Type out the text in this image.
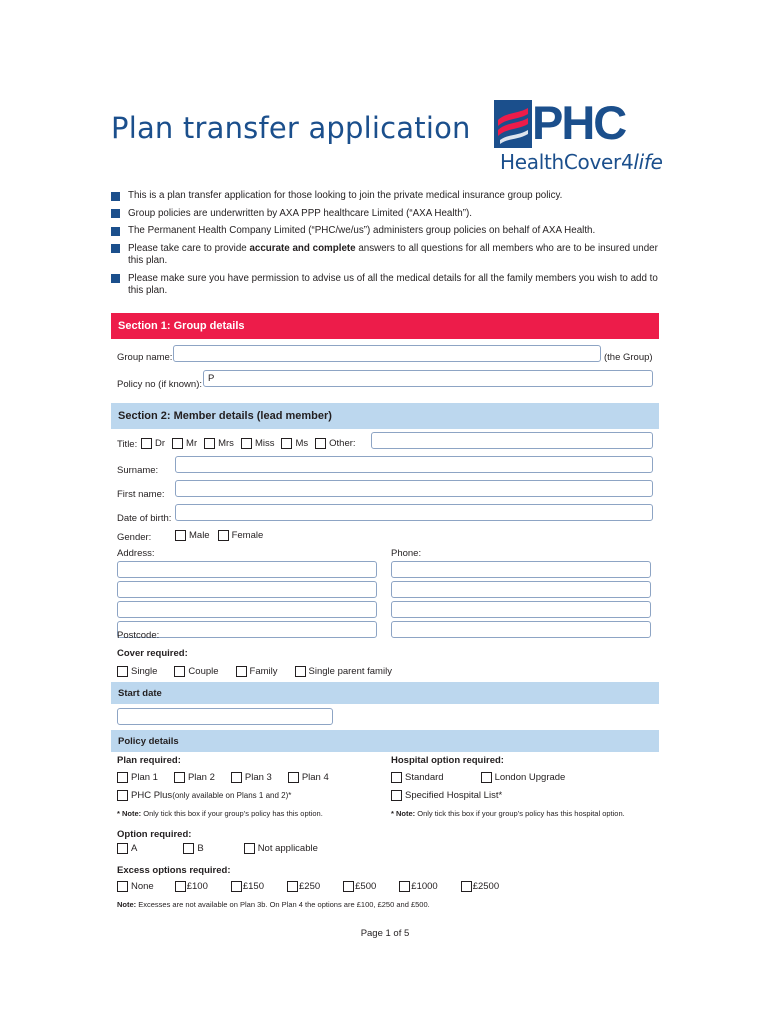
Plan transfer application PHC
HealthCover4life
This is a plan transfer application for those looking to join the private medical insurance group policy.
Group policies are underwritten by AXA PPP healthcare Limited (“AXA Health”).
The Permanent Health Company Limited (“PHC/we/us”) administers group policies on behalf of AXA Health.
Please take care to provide accurate and complete answers to all questions for all members who are to be insured under this plan.
Please make sure you have permission to advise us of all the medical details for all the family members you wish to add to this plan.
Section 1: Group details
Group name:	(the Group)
Policy no (if known):
P
Section 2: Member details (lead member)
Title: Dr Mr Mrs Miss Ms Other:
Surname:
First name:
Date of birth:
Gender:	Male Female
Address:	Phone:
Postcode:
Cover required:
Single	Couple	Family	Single parent family
Start date
Policy details
Plan required:	Hospital option required:
Plan 1	Plan 2	Plan 3	Plan 4	Standard	London Upgrade
PHC Plus (only available on Plans 1 and 2)*	Specified Hospital List*
* Note: Only tick this box if your group’s policy has this option.	* Note: Only tick this box if your group’s policy has this hospital option.
Option required:
A	B	Not applicable
Excess options required:
None	£100	£150	£250	£500	£1000	£2500
Note: Excesses are not available on Plan 3b. On Plan 4 the options are £100, £250 and £500.
Page 1 of 5
